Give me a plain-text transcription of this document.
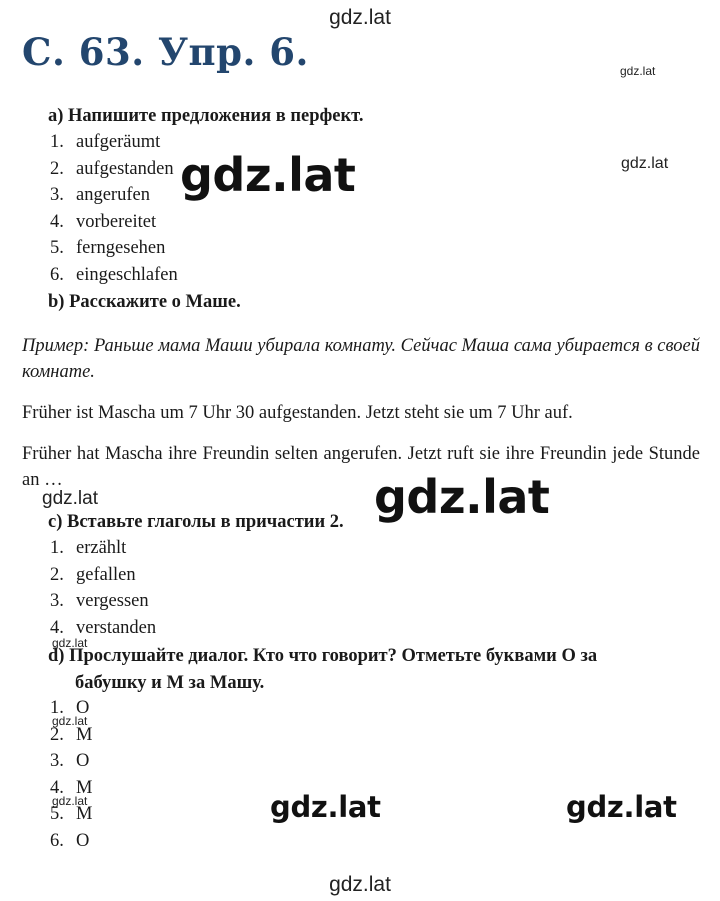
gdz.lat
С. 63. Упр. 6.	gdz.lat
а) Напишите предложения в перфект.
1. aufgeräumt
2. aufgestanden
3. angerufen
4. vorbereitet
5. ferngesehen
6. eingeschlafen
gdz.lat	gdz.lat
b) Расскажите о Маше.
Пример: Раньше мама Маши убирала комнату. Сейчас Маша сама убирается в своей комнате.
Früher ist Mascha um 7 Uhr 30 aufgestanden. Jetzt steht sie um 7 Uhr auf.
Früher hat Mascha ihre Freundin selten angerufen. Jetzt ruft sie ihre Freundin jede Stunde an …
gdz.lat	gdz.lat
c) Вставьте глаголы в причастии 2.
1. erzählt
2. gefallen
3. vergessen
4. verstanden
gdz.lat
d) Прослушайте диалог. Кто что говорит? Отметьте буквами О за
бабушку и М за Машу.
1. O
gdz.lat
2. M
3. O
4. M
gdz.lat
5. M
6. O
gdz.lat	gdz.lat
gdz.lat
